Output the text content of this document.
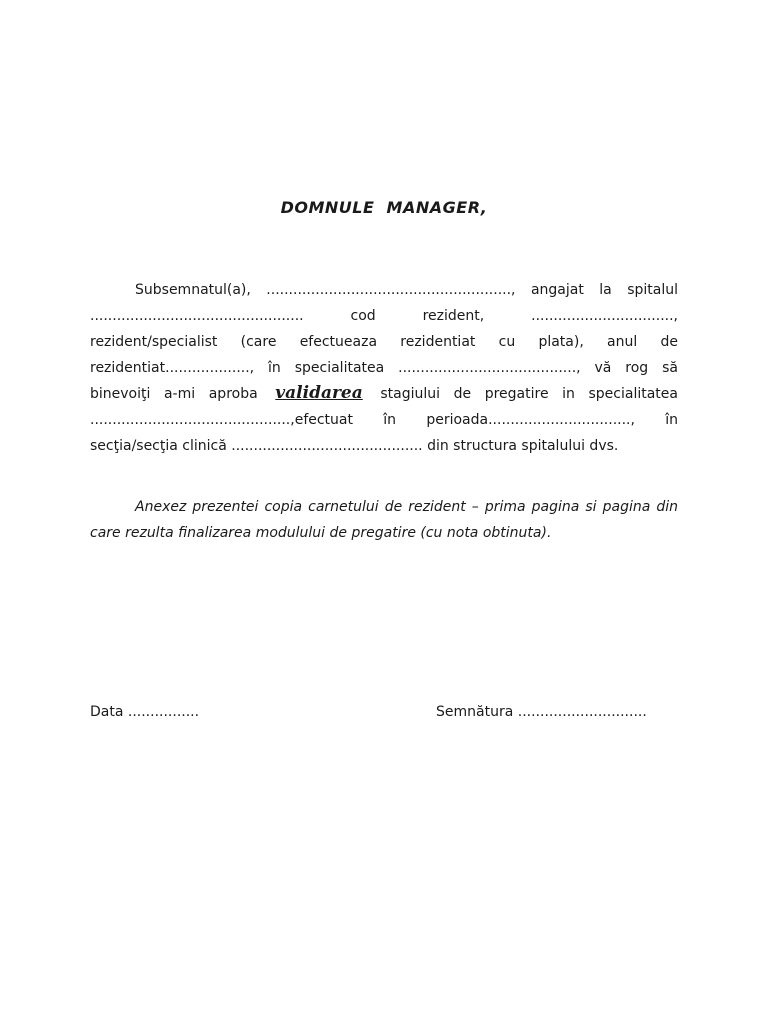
DOMNULE  MANAGER,
Subsemnatul(a), ......................................................., angajat la spitalul ................................................ cod rezident, ................................, rezident/specialist (care efectueaza rezidentiat cu plata), anul de rezidentiat..................., în specialitatea ........................................, vă rog să binevoiţi a-mi aproba validarea stagiului de pregatire in specialitatea .............................................,efectuat în perioada................................, în secţia/secţia clinică ........................................... din structura spitalului dvs.
Anexez prezentei copia carnetului de rezident – prima pagina si pagina din care rezulta finalizarea modulului de pregatire (cu nota obtinuta).
Data ................	Semnătura .............................
